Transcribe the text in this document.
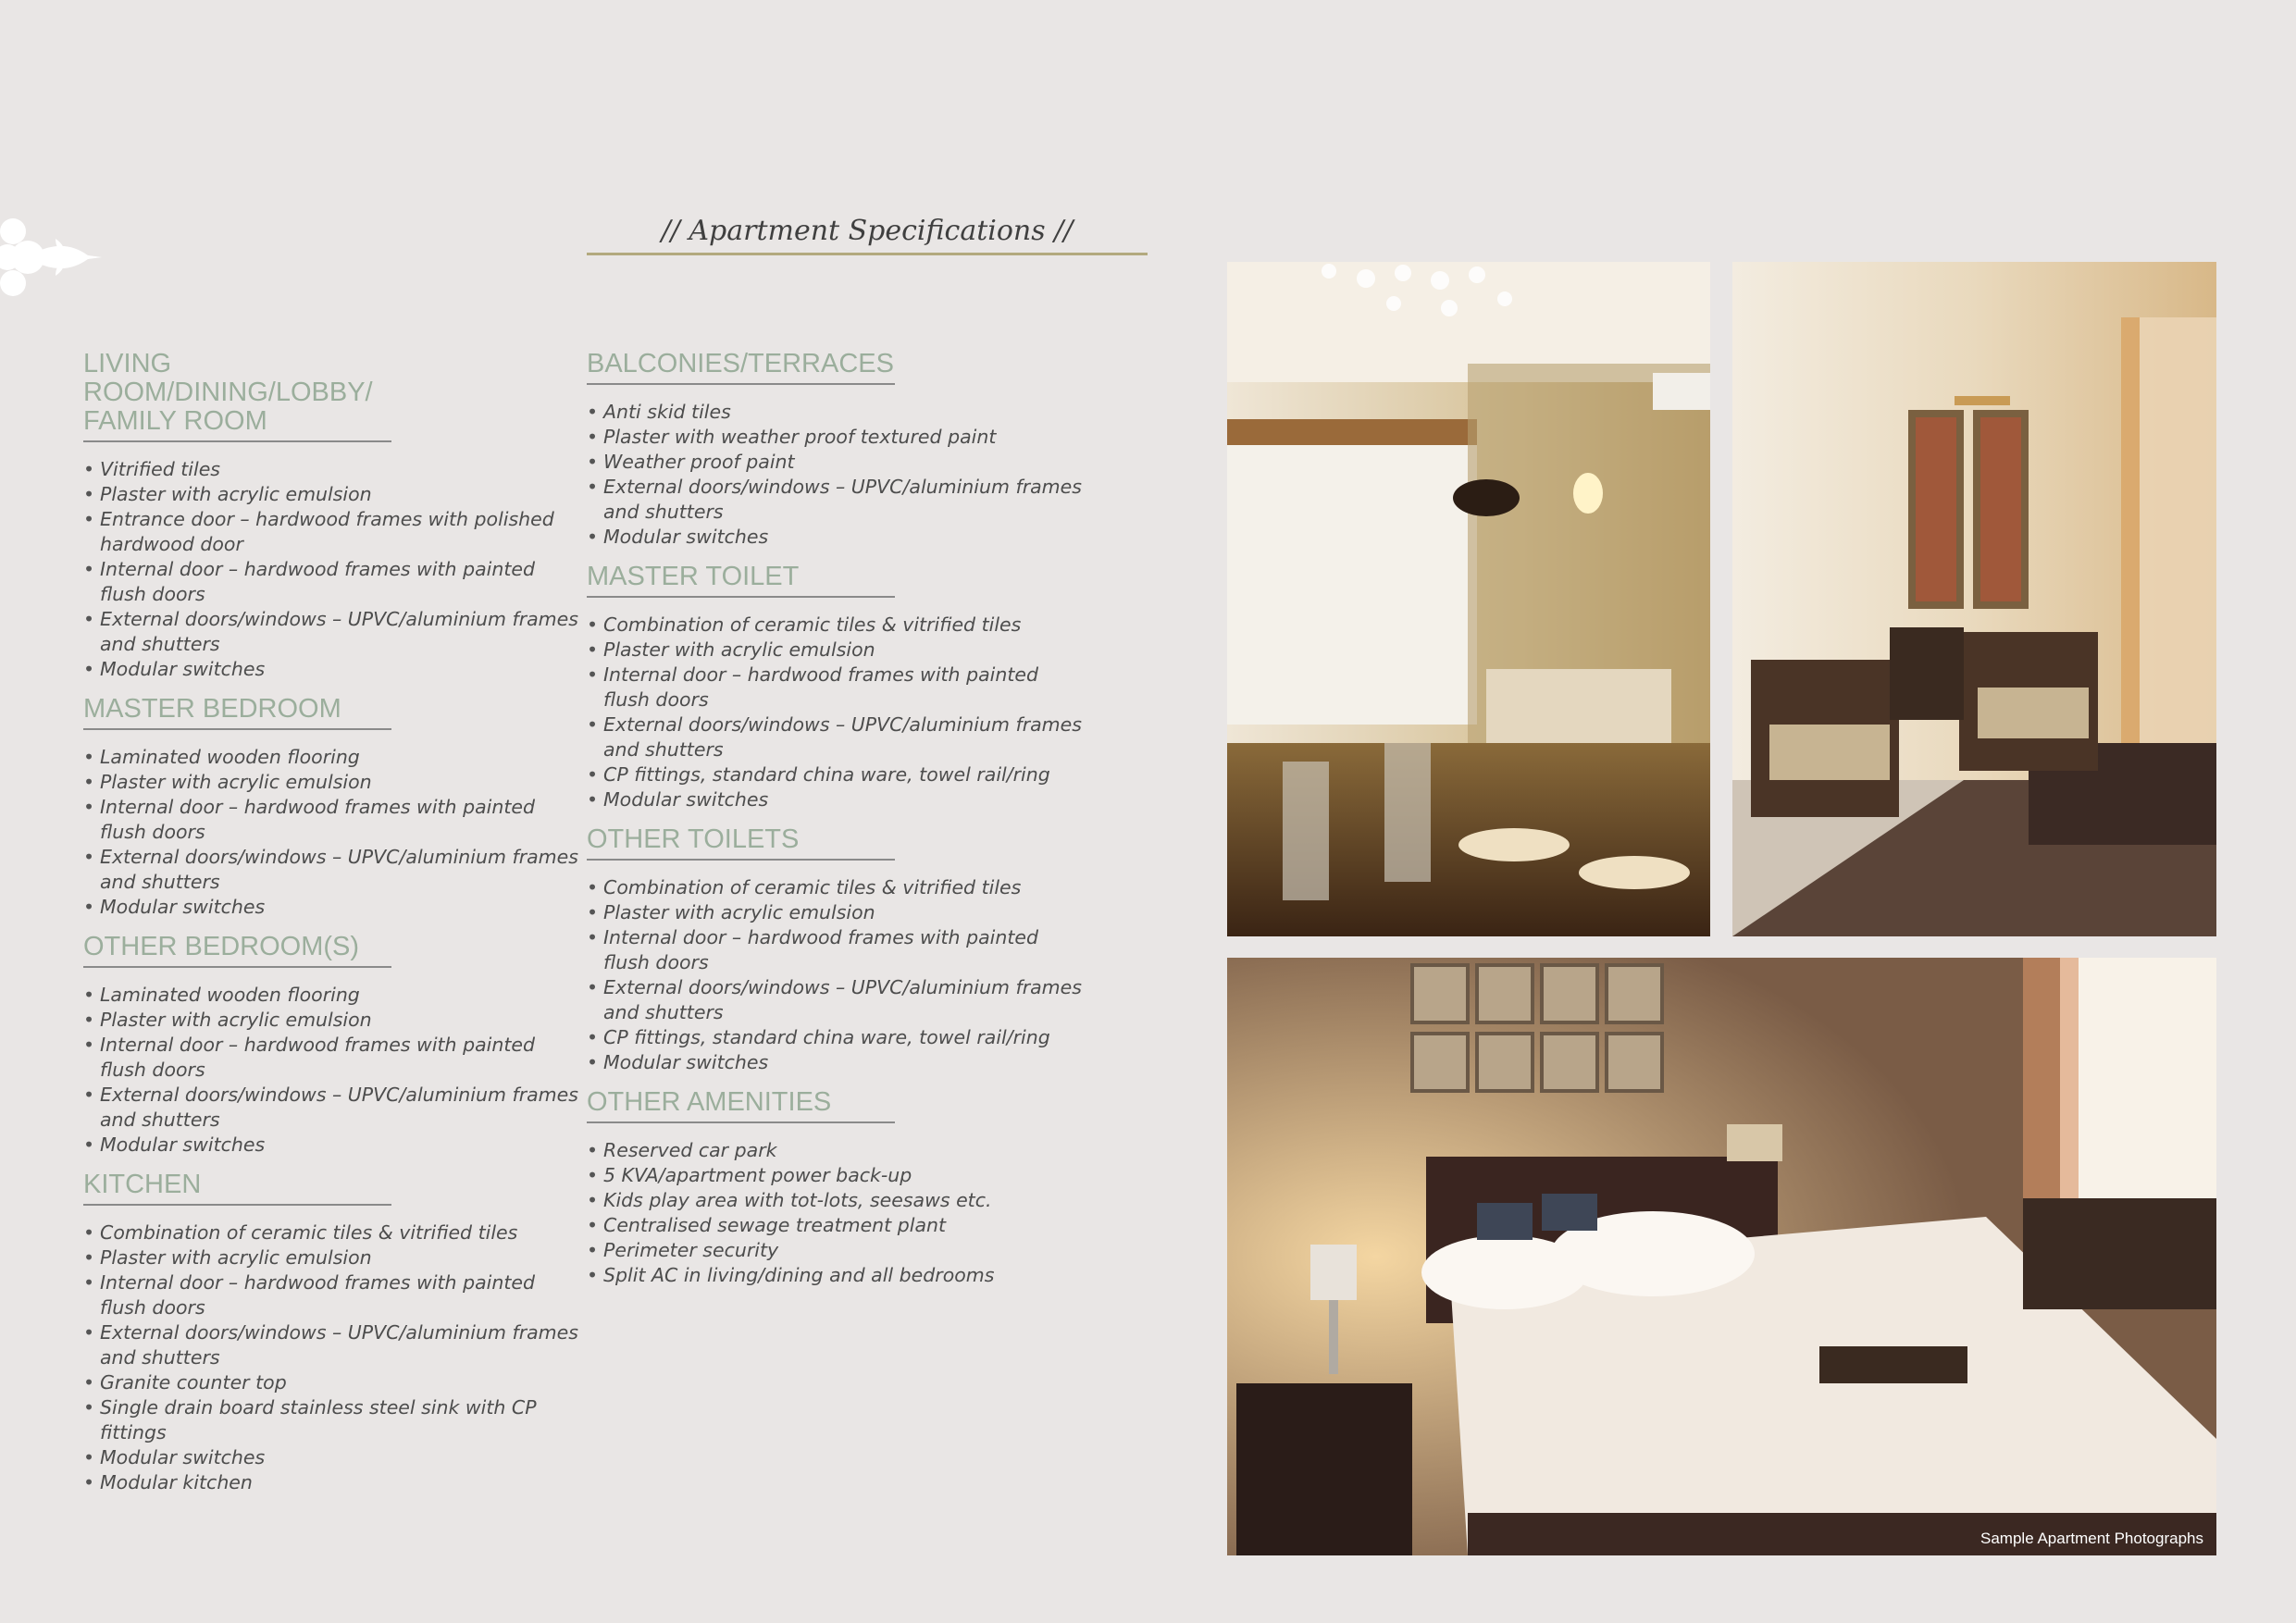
// Apartment Specifications //
LIVING ROOM/DINING/LOBBY/
FAMILY ROOM
• Vitrified tiles
• Plaster with acrylic emulsion
• Entrance door – hardwood frames with polished hardwood door
• Internal door – hardwood frames with painted flush doors
• External doors/windows – UPVC/aluminium frames and shutters
• Modular switches
MASTER BEDROOM
• Laminated wooden flooring
• Plaster with acrylic emulsion
• Internal door – hardwood frames with painted flush doors
• External doors/windows – UPVC/aluminium frames and shutters
• Modular switches
OTHER BEDROOM(S)
• Laminated wooden flooring
• Plaster with acrylic emulsion
• Internal door – hardwood frames with painted flush doors
• External doors/windows – UPVC/aluminium frames and shutters
• Modular switches
KITCHEN
• Combination of ceramic tiles & vitrified tiles
• Plaster with acrylic emulsion
• Internal door – hardwood frames with painted flush doors
• External doors/windows – UPVC/aluminium frames and shutters
• Granite counter top
• Single drain board stainless steel sink with CP fittings
• Modular switches
• Modular kitchen
BALCONIES/TERRACES
• Anti skid tiles
• Plaster with weather proof textured paint
• Weather proof paint
• External doors/windows – UPVC/aluminium frames and shutters
• Modular switches
MASTER TOILET
• Combination of ceramic tiles & vitrified tiles
• Plaster with acrylic emulsion
• Internal door – hardwood frames with painted flush doors
• External doors/windows – UPVC/aluminium frames and shutters
• CP fittings, standard china ware, towel rail/ring
• Modular switches
OTHER TOILETS
• Combination of ceramic tiles & vitrified tiles
• Plaster with acrylic emulsion
• Internal door – hardwood frames with painted flush doors
• External doors/windows – UPVC/aluminium frames and shutters
• CP fittings, standard china ware, towel rail/ring
• Modular switches
OTHER AMENITIES
• Reserved car park
• 5 KVA/apartment power back-up
• Kids play area with tot-lots, seesaws etc.
• Centralised sewage treatment plant
• Perimeter security
• Split AC in living/dining and all bedrooms
Sample Apartment Photographs
